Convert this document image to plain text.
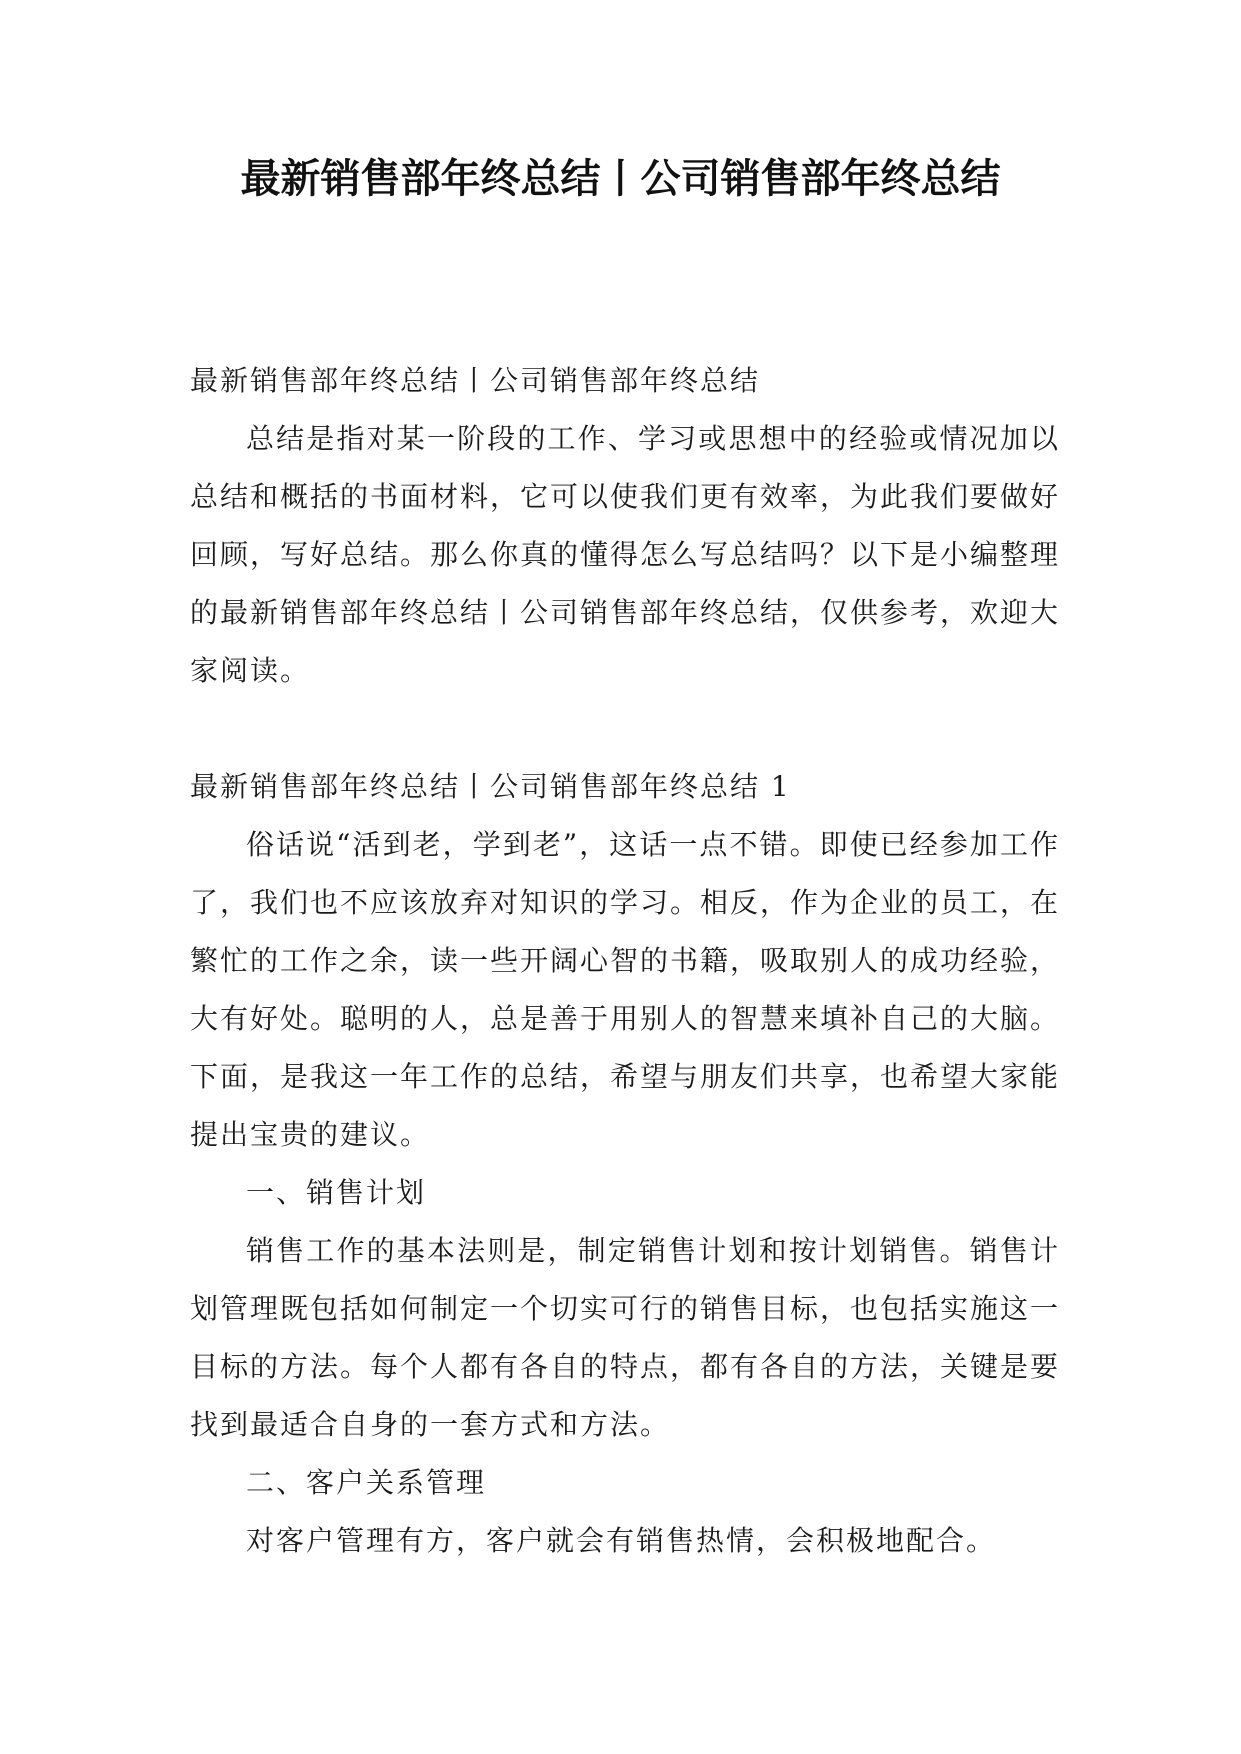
最新销售部年终总结丨公司销售部年终总结

最新销售部年终总结丨公司销售部年终总结

总结是指对某一阶段的工作、学习或思想中的经验或情况加以总结和概括的书面材料，它可以使我们更有效率，为此我们要做好回顾，写好总结。那么你真的懂得怎么写总结吗？以下是小编整理的最新销售部年终总结丨公司销售部年终总结，仅供参考，欢迎大家阅读。

最新销售部年终总结丨公司销售部年终总结 1

俗话说“活到老，学到老”，这话一点不错。即使已经参加工作了，我们也不应该放弃对知识的学习。相反，作为企业的员工，在繁忙的工作之余，读一些开阔心智的书籍，吸取别人的成功经验，大有好处。聪明的人，总是善于用别人的智慧来填补自己的大脑。下面，是我这一年工作的总结，希望与朋友们共享，也希望大家能提出宝贵的建议。

一、销售计划

销售工作的基本法则是，制定销售计划和按计划销售。销售计划管理既包括如何制定一个切实可行的销售目标，也包括实施这一目标的方法。每个人都有各自的特点，都有各自的方法，关键是要找到最适合自身的一套方式和方法。

二、客户关系管理

对客户管理有方，客户就会有销售热情，会积极地配合。
